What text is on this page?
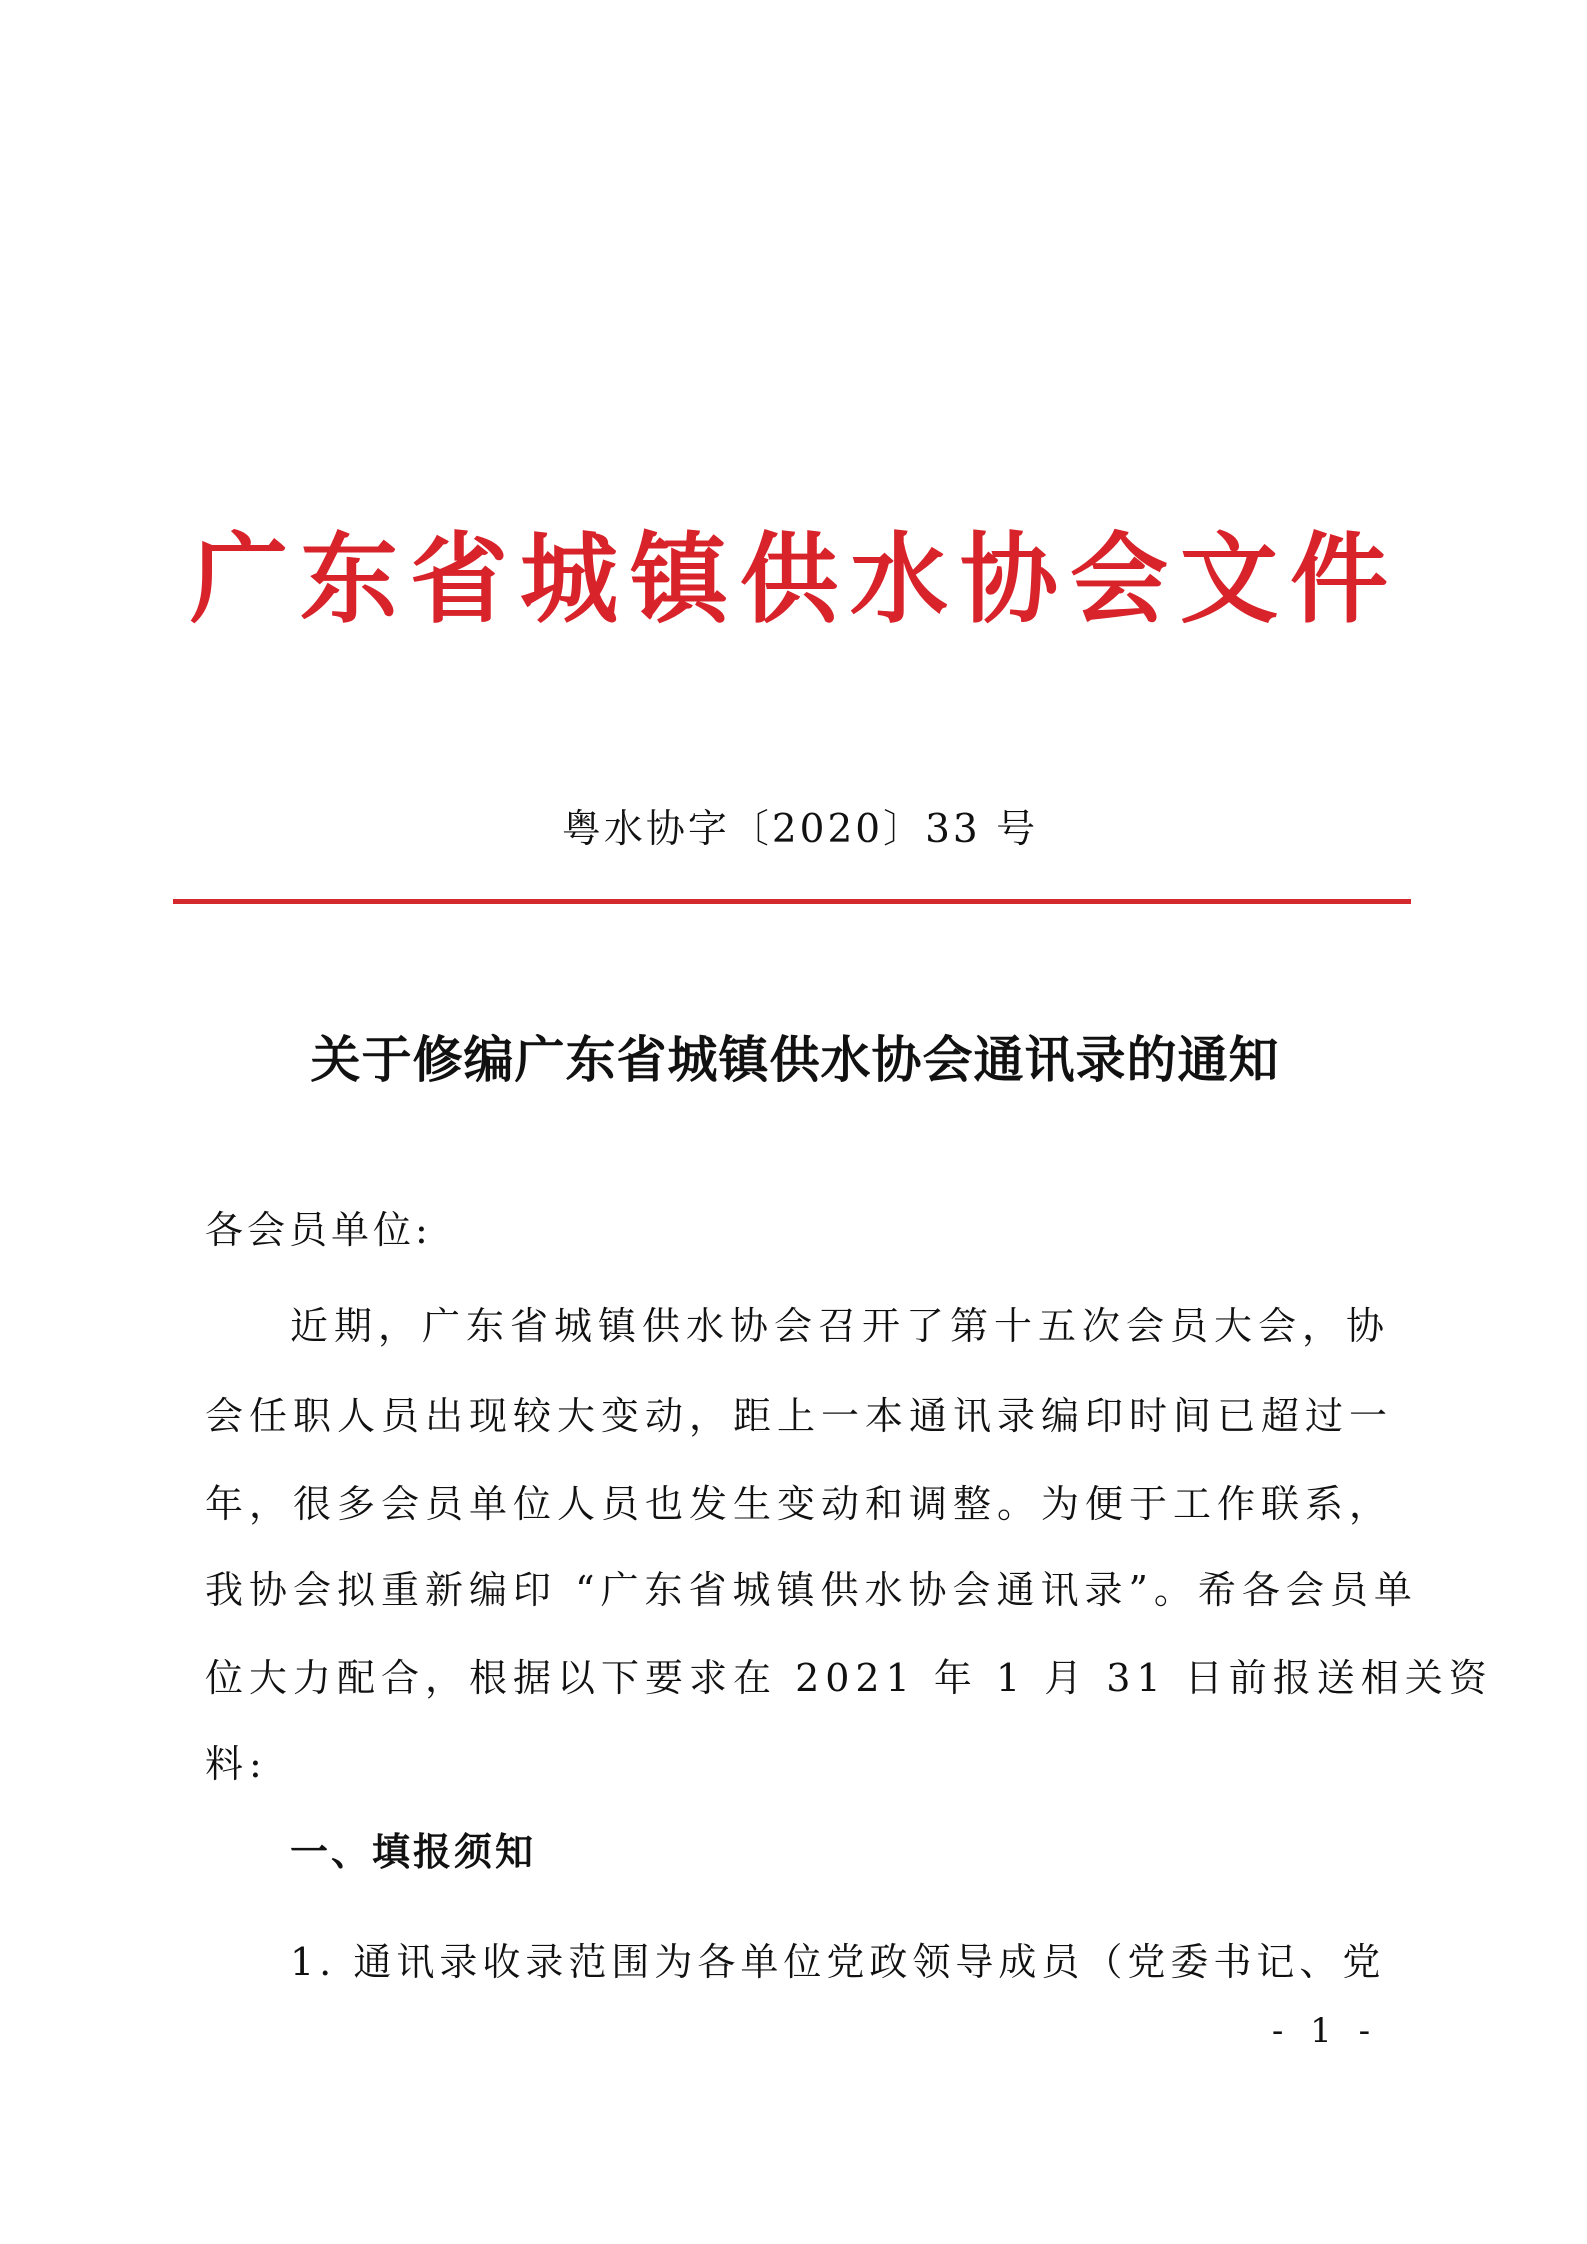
广东省城镇供水协会文件
粤水协字〔2020〕33 号
关于修编广东省城镇供水协会通讯录的通知
各会员单位:
近期，广东省城镇供水协会召开了第十五次会员大会，协
会任职人员出现较大变动，距上一本通讯录编印时间已超过一
年，很多会员单位人员也发生变动和调整。为便于工作联系，
我协会拟重新编印 “广东省城镇供水协会通讯录”。希各会员单
位大力配合，根据以下要求在 2021 年 1 月 31 日前报送相关资
料:
一、填报须知
1. 通讯录收录范围为各单位党政领导成员（党委书记、党
- 1 -
